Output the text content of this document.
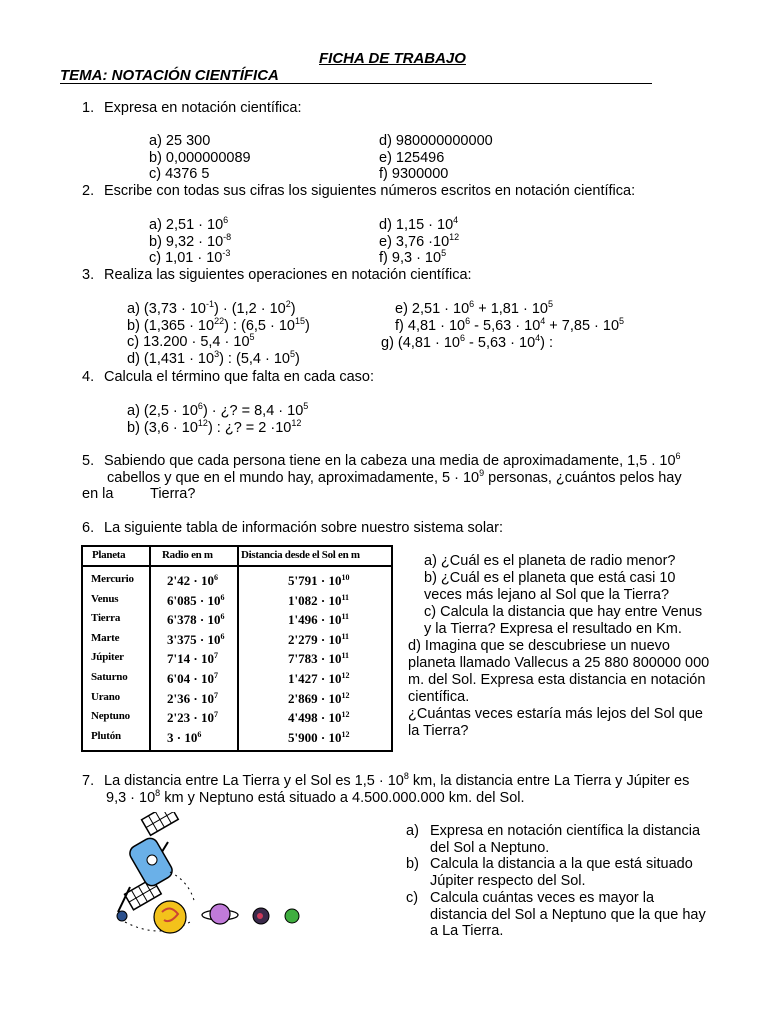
FICHA DE TRABAJO
TEMA: NOTACIÓN CIENTÍFICA
1. Expresa en notación científica:
a) 25 300
b) 0,000000089
c) 4376 5
d) 980000000000
e) 125496
f) 9300000
2. Escribe con todas sus cifras los siguientes números escritos en notación científica:
a) $2,51 \cdot 10^6$
b) $9,32 \cdot 10^{-8}$
c) $1,01 \cdot 10^{-3}$
d) $1,15 \cdot 10^4$
e) $3,76 \cdot 10^{12}$
f) $9,3 \cdot 10^5$
3. Realiza las siguientes operaciones en notación científica:
a) $(3,73 \cdot 10^{-1}) \cdot (1,2 \cdot 10^2)$
b) $(1,365 \cdot 10^{22})$ : $(6,5 \cdot 10^{15})$
c) $13.200 \cdot 5,4 \cdot 10^5$
d) $(1,431 \cdot 10^3)$ : $(5,4 \cdot 10^5)$
e) $2,51 \cdot 10^6 + 1,81 \cdot 10^5$
f) $4,81 \cdot 10^6 - 5,63 \cdot 10^4 + 7,85 \cdot 10^5$
g) $(4,81 \cdot 10^6 - 5,63 \cdot 10^4)$ :
4. Calcula el término que falta en cada caso:
a) $(2,5 \cdot 10^6)$ · ¿? = $8,4 \cdot 10^5$
b) $(3,6 \cdot 10^{12})$ : ¿? = $2 \cdot 10^{12}$
5. Sabiendo que cada persona tiene en la cabeza una media de aproximadamente, 1,5 . $10^6$
cabellos y que en el mundo hay, aproximadamente, $5 \cdot 10^9$ personas, ¿cuántos pelos hay
en la	Tierra?
6. La siguiente tabla de información sobre nuestro sistema solar:
Planeta	Radio en m	Distancia desde el Sol en m
Mercurio	$2'42 \cdot 10^6$	$5'791 \cdot 10^{10}$
Venus	$6'085 \cdot 10^6$	$1'082 \cdot 10^{11}$
Tierra	$6'378 \cdot 10^6$	$1'496 \cdot 10^{11}$
Marte	$3'375 \cdot 10^6$	$2'279 \cdot 10^{11}$
Júpiter	$7'14 \cdot 10^7$	$7'783 \cdot 10^{11}$
Saturno	$6'04 \cdot 10^7$	$1'427 \cdot 10^{12}$
Urano	$2'36 \cdot 10^7$	$2'869 \cdot 10^{12}$
Neptuno	$2'23 \cdot 10^7$	$4'498 \cdot 10^{12}$
Plutón	$3 \cdot 10^6$	$5'900 \cdot 10^{12}$
a) ¿Cuál es el planeta de radio menor?
b) ¿Cuál es el planeta que está casi 10
veces más lejano al Sol que la Tierra?
c) Calcula la distancia que hay entre Venus
y la Tierra? Expresa el resultado en Km.
d) Imagina que se descubriese un nuevo
planeta llamado Vallecus a 25 880 800000 000
m. del Sol. Expresa esta distancia en notación
científica.
¿Cuántas veces estaría más lejos del Sol que
la Tierra?
7. La distancia entre La Tierra y el Sol es $1,5 \cdot 10^8$ km, la distancia entre La Tierra y Júpiter es
$9,3 \cdot 10^8$ km y Neptuno está situado a 4.500.000.000 km. del Sol.
a) Expresa en notación científica la distancia
del Sol a Neptuno.
b) Calcula la distancia a la que está situado
Júpiter respecto del Sol.
c) Calcula cuántas veces es mayor la
distancia del Sol a Neptuno que la que hay
a La Tierra.
